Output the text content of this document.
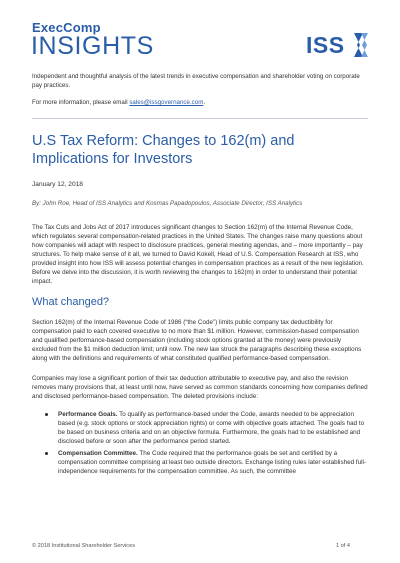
ExecComp
INSIGHTS	ISS
Independent and thoughtful analysis of the latest trends in executive compensation and shareholder voting on corporate pay practices.
For more information, please email sales@issgovernance.com.
U.S Tax Reform: Changes to 162(m) and Implications for Investors
January 12, 2018
By: John Roe, Head of ISS Analytics and Kosmas Papadopoulos, Associate Director, ISS Analytics
The Tax Cuts and Jobs Act of 2017 introduces significant changes to Section 162(m) of the Internal Revenue Code, which regulates several compensation-related practices in the United States. The changes raise many questions about how companies will adapt with respect to disclosure practices, general meeting agendas, and – more importantly – pay structures. To help make sense of it all, we turned to David Kokell, Head of U.S. Compensation Research at ISS, who provided insight into how ISS will assess potential changes in compensation practices as a result of the new legislation. Before we delve into the discussion, it is worth reviewing the changes to 162(m) in order to understand their potential impact.
What changed?
Section 162(m) of the Internal Revenue Code of 1986 (“the Code”) limits public company tax deductibility for compensation paid to each covered executive to no more than $1 million. However, commission-based compensation and qualified performance-based compensation (including stock options granted at the money) were previously excluded from the $1 million deduction limit; until now. The new law struck the paragraphs describing these exceptions along with the definitions and requirements of what constituted qualified performance-based compensation.
Companies may lose a significant portion of their tax deduction attributable to executive pay, and also the revision removes many provisions that, at least until now, have served as common standards concerning how companies defined and disclosed performance-based compensation. The deleted provisions include:
Performance Goals. To qualify as performance-based under the Code, awards needed to be appreciation based (e.g. stock options or stock appreciation rights) or come with objective goals attached. The goals had to be based on business criteria and on an objective formula. Furthermore, the goals had to be established and disclosed before or soon after the performance period started.
Compensation Committee. The Code required that the performance goals be set and certified by a compensation committee comprising at least two outside directors. Exchange listing rules later established full-independence requirements for the compensation committee. As such, the committee
© 2018 Institutional Shareholder Services	1 of 4
